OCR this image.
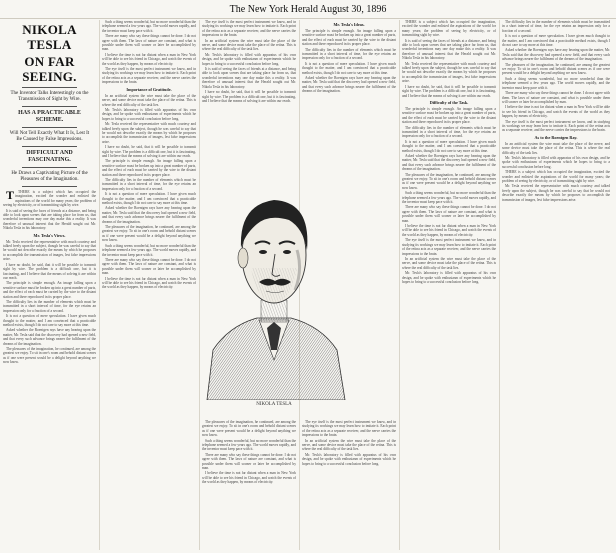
The New York Herald August 30, 1896
NIKOLA TESLA
ON FAR SEEING.
The Inventor Talks Interestingly on the Transmission of Sight by Wire.
HAS A PRACTICABLE SCHEME.
Will Not Tell Exactly What It Is, Lest It Be Caused by False Impressions.
DIFFICULT AND FASCINATING.
He Draws a Captivating Picture of the Pleasures of the Imagination.

T THERE is a subject which has occupied the imagination, excited the wonder and enlisted the aspirations of the world for many years; the problem of seeing by electricity, or of transmitting sight by wire.

It is said of seeing the faces of friends at a distance, and being able to look upon scenes that are taking place far from us, that wonderful inventions may one day make this a reality. It was therefore of unusual interest that the Herald sought out Mr. Nikola Tesla in his laboratory.

Mr. Tesla's Views.

Mr. Tesla received the representative with much courtesy and talked freely upon the subject, though he was careful to say that he would not describe exactly the means by which he proposes to accomplish the transmission of images, lest false impressions arise.

I have no doubt, he said, that it will be possible to transmit sight by wire. The problem is a difficult one, but it is fascinating, and I believe that the means of solving it are within our reach.

The principle is simple enough. An image falling upon a sensitive surface must be broken up into a great number of parts, and the effect of each must be carried by the wire to the distant station and there reproduced in its proper place.

The difficulty lies in the number of elements which must be transmitted in a short interval of time, for the eye retains an impression only for a fraction of a second.

It is not a question of mere speculation. I have given much thought to the matter, and I am convinced that a practicable method exists, though I do not care to say more at this time.

Asked whether the Roentgen rays have any bearing upon the matter, Mr. Tesla said that the discovery had opened a new field, and that every such advance brings nearer the fulfilment of the dreams of the imagination.

The pleasures of the imagination, he continued, are among the greatest we enjoy. To sit in one's room and behold distant scenes as if one were present would be a delight beyond anything we now know.

Such a thing seems wonderful, but no more wonderful than the telephone seemed a few years ago. The world moves rapidly, and the inventor must keep pace with it.

There are many who say these things cannot be done. I do not agree with them. The laws of nature are constant, and what is possible under them will sooner or later be accomplished by man.

I believe the time is not far distant when a man in New York will be able to see his friend in Chicago, and watch the events of the world as they happen, by means of electricity.

The eye itself is the most perfect instrument we know, and in studying its workings we may learn how to imitate it. Each point of the retina acts as a separate receiver, and the nerve carries the impressions to the brain.

Importance of Gratitude.

In an artificial system the wire must take the place of the nerve, and some device must take the place of the retina. This is where the real difficulty of the task lies.

Mr. Tesla's laboratory is filled with apparatus of his own design, and he spoke with enthusiasm of experiments which he hopes to bring to a successful conclusion before long.

Mr. Tesla received the representative with much courtesy and talked freely upon the subject, though he was careful to say that he would not describe exactly the means by which he proposes to accomplish the transmission of images, lest false impressions arise.

I have no doubt, he said, that it will be possible to transmit sight by wire. The problem is a difficult one, but it is fascinating, and I believe that the means of solving it are within our reach.

The principle is simple enough. An image falling upon a sensitive surface must be broken up into a great number of parts, and the effect of each must be carried by the wire to the distant station and there reproduced in its proper place.

The difficulty lies in the number of elements which must be transmitted in a short interval of time, for the eye retains an impression only for a fraction of a second.

It is not a question of mere speculation. I have given much thought to the matter, and I am convinced that a practicable method exists, though I do not care to say more at this time.

Asked whether the Roentgen rays have any bearing upon the matter, Mr. Tesla said that the discovery had opened a new field, and that every such advance brings nearer the fulfilment of the dreams of the imagination.

The pleasures of the imagination, he continued, are among the greatest we enjoy. To sit in one's room and behold distant scenes as if one were present would be a delight beyond anything we now know.

Such a thing seems wonderful, but no more wonderful than the telephone seemed a few years ago. The world moves rapidly, and the inventor must keep pace with it.

There are many who say these things cannot be done. I do not agree with them. The laws of nature are constant, and what is possible under them will sooner or later be accomplished by man.

I believe the time is not far distant when a man in New York will be able to see his friend in Chicago, and watch the events of the world as they happen, by means of electricity.

The eye itself is the most perfect instrument we know, and in studying its workings we may learn how to imitate it. Each point of the retina acts as a separate receiver, and the nerve carries the impressions to the brain.

In an artificial system the wire must take the place of the nerve, and some device must take the place of the retina. This is where the real difficulty of the task lies.

Mr. Tesla's laboratory is filled with apparatus of his own design, and he spoke with enthusiasm of experiments which he hopes to bring to a successful conclusion before long.

It is said of seeing the faces of friends at a distance, and being able to look upon scenes that are taking place far from us, that wonderful inventions may one day make this a reality. It was therefore of unusual interest that the Herald sought out Mr. Nikola Tesla in his laboratory.

I have no doubt, he said, that it will be possible to transmit sight by wire. The problem is a difficult one, but it is fascinating, and I believe that the means of solving it are within our reach.

Mr. Tesla's Ideas.

The principle is simple enough. An image falling upon a sensitive surface must be broken up into a great number of parts, and the effect of each must be carried by the wire to the distant station and there reproduced in its proper place.

The difficulty lies in the number of elements which must be transmitted in a short interval of time, for the eye retains an impression only for a fraction of a second.

It is not a question of mere speculation. I have given much thought to the matter, and I am convinced that a practicable method exists, though I do not care to say more at this time.

Asked whether the Roentgen rays have any bearing upon the matter, Mr. Tesla said that the discovery had opened a new field, and that every such advance brings nearer the fulfilment of the dreams of the imagination.

The pleasures of the imagination, he continued, are among the greatest we enjoy. To sit in one's room and behold distant scenes as if one were present would be a delight beyond anything we now know.

Such a thing seems wonderful, but no more wonderful than the telephone seemed a few years ago. The world moves rapidly, and the inventor must keep pace with it.

There are many who say these things cannot be done. I do not agree with them. The laws of nature are constant, and what is possible under them will sooner or later be accomplished by man.

I believe the time is not far distant when a man in New York will be able to see his friend in Chicago, and watch the events of the world as they happen, by means of electricity.

The eye itself is the most perfect instrument we know, and in studying its workings we may learn how to imitate it. Each point of the retina acts as a separate receiver, and the nerve carries the impressions to the brain.

In an artificial system the wire must take the place of the nerve, and some device must take the place of the retina. This is where the real difficulty of the task lies.

Mr. Tesla's laboratory is filled with apparatus of his own design, and he spoke with enthusiasm of experiments which he hopes to bring to a successful conclusion before long.

NIKOLA TESLA

THERE is a subject which has occupied the imagination, excited the wonder and enlisted the aspirations of the world for many years; the problem of seeing by electricity, or of transmitting sight by wire.

It is said of seeing the faces of friends at a distance, and being able to look upon scenes that are taking place far from us, that wonderful inventions may one day make this a reality. It was therefore of unusual interest that the Herald sought out Mr. Nikola Tesla in his laboratory.

Mr. Tesla received the representative with much courtesy and talked freely upon the subject, though he was careful to say that he would not describe exactly the means by which he proposes to accomplish the transmission of images, lest false impressions arise.

I have no doubt, he said, that it will be possible to transmit sight by wire. The problem is a difficult one, but it is fascinating, and I believe that the means of solving it are within our reach.

Difficulty of the Task.

The principle is simple enough. An image falling upon a sensitive surface must be broken up into a great number of parts, and the effect of each must be carried by the wire to the distant station and there reproduced in its proper place.

The difficulty lies in the number of elements which must be transmitted in a short interval of time, for the eye retains an impression only for a fraction of a second.

It is not a question of mere speculation. I have given much thought to the matter, and I am convinced that a practicable method exists, though I do not care to say more at this time.

Asked whether the Roentgen rays have any bearing upon the matter, Mr. Tesla said that the discovery had opened a new field, and that every such advance brings nearer the fulfilment of the dreams of the imagination.

The pleasures of the imagination, he continued, are among the greatest we enjoy. To sit in one's room and behold distant scenes as if one were present would be a delight beyond anything we now know.

Such a thing seems wonderful, but no more wonderful than the telephone seemed a few years ago. The world moves rapidly, and the inventor must keep pace with it.

There are many who say these things cannot be done. I do not agree with them. The laws of nature are constant, and what is possible under them will sooner or later be accomplished by man.

I believe the time is not far distant when a man in New York will be able to see his friend in Chicago, and watch the events of the world as they happen, by means of electricity.

The eye itself is the most perfect instrument we know, and in studying its workings we may learn how to imitate it. Each point of the retina acts as a separate receiver, and the nerve carries the impressions to the brain.

In an artificial system the wire must take the place of the nerve, and some device must take the place of the retina. This is where the real difficulty of the task lies.

Mr. Tesla's laboratory is filled with apparatus of his own design, and he spoke with enthusiasm of experiments which he hopes to bring to a successful conclusion before long.

The difficulty lies in the number of elements which must be transmitted in a short interval of time, for the eye retains an impression only for a fraction of a second.

It is not a question of mere speculation. I have given much thought to the matter, and I am convinced that a practicable method exists, though I do not care to say more at this time.

Asked whether the Roentgen rays have any bearing upon the matter, Mr. Tesla said that the discovery had opened a new field, and that every such advance brings nearer the fulfilment of the dreams of the imagination.

The pleasures of the imagination, he continued, are among the greatest we enjoy. To sit in one's room and behold distant scenes as if one were present would be a delight beyond anything we now know.

Such a thing seems wonderful, but no more wonderful than the telephone seemed a few years ago. The world moves rapidly, and the inventor must keep pace with it.

There are many who say these things cannot be done. I do not agree with them. The laws of nature are constant, and what is possible under them will sooner or later be accomplished by man.

I believe the time is not far distant when a man in New York will be able to see his friend in Chicago, and watch the events of the world as they happen, by means of electricity.

The eye itself is the most perfect instrument we know, and in studying its workings we may learn how to imitate it. Each point of the retina acts as a separate receiver, and the nerve carries the impressions to the brain.

As to the Roentgen Ray.

In an artificial system the wire must take the place of the nerve, and some device must take the place of the retina. This is where the real difficulty of the task lies.

Mr. Tesla's laboratory is filled with apparatus of his own design, and he spoke with enthusiasm of experiments which he hopes to bring to a successful conclusion before long.

THERE is a subject which has occupied the imagination, excited the wonder and enlisted the aspirations of the world for many years; the problem of seeing by electricity, or of transmitting sight by wire.

Mr. Tesla received the representative with much courtesy and talked freely upon the subject, though he was careful to say that he would not describe exactly the means by which he proposes to accomplish the transmission of images, lest false impressions arise.
